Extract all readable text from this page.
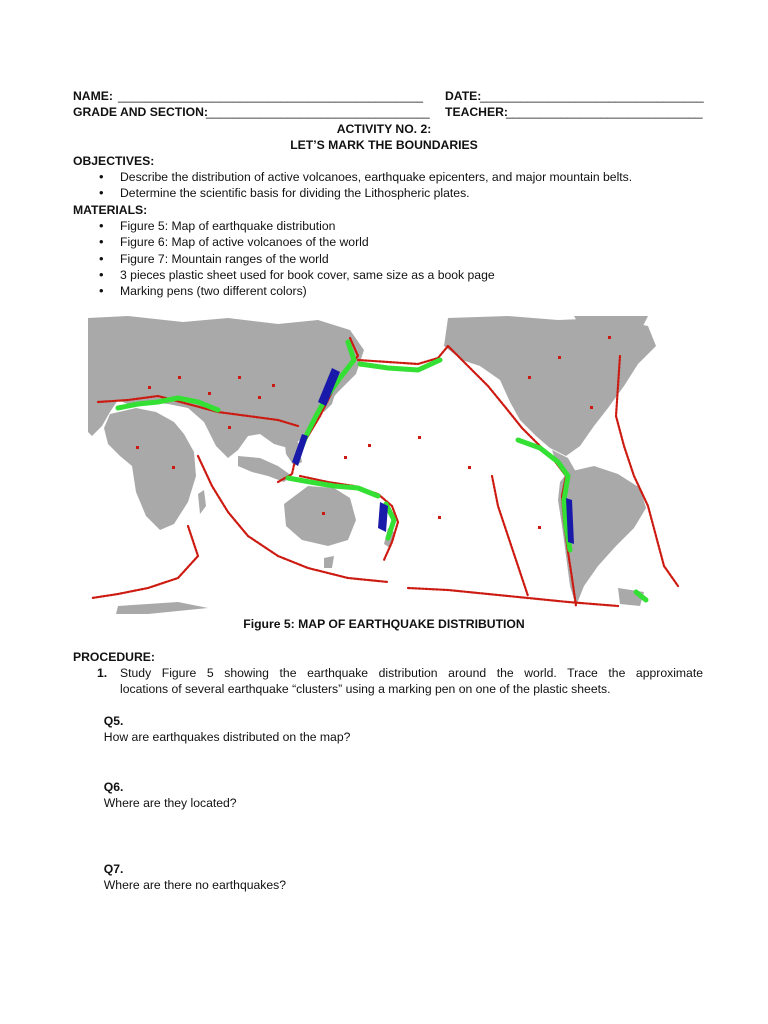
NAME: _____________________________________________ DATE:
_________________________________
GRADE AND SECTION:
_________________________________ TEACHER:
_____________________________
ACTIVITY NO. 2:
LET’S MARK THE BOUNDARIES
OBJECTIVES:
• Describe the distribution of active volcanoes, earthquake epicenters, and major mountain belts.
• Determine the scientific basis for dividing the Lithospheric plates.
MATERIALS:
• Figure 5: Map of earthquake distribution
• Figure 6: Map of active volcanoes of the world
• Figure 7: Mountain ranges of the world
• 3 pieces plastic sheet used for book cover, same size as a book page
• Marking pens (two different colors)
Figure 5: MAP OF EARTHQUAKE DISTRIBUTION
PROCEDURE:
1. Study Figure 5 showing the earthquake distribution around the world. Trace the approximate
locations of several earthquake “clusters” using a marking pen on one of the plastic sheets.

Q5.
How are earthquakes distributed on the map?

Q6.
Where are they located?

Q7.
Where are there no earthquakes?
